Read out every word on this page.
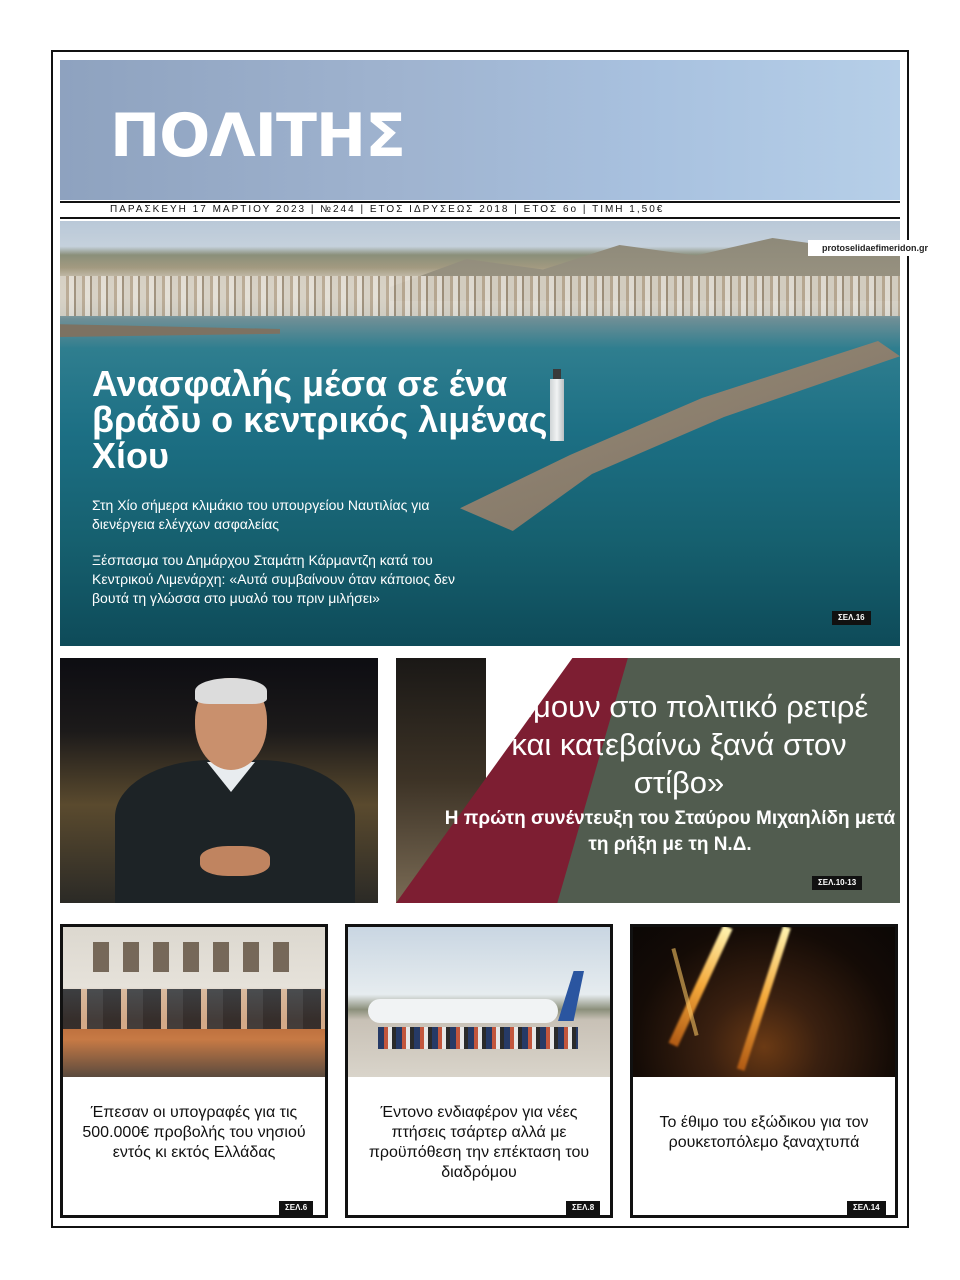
ΠΟΛΙΤΗΣ
ΠΑΡΑΣΚΕΥΗ 17 ΜΑΡΤΙΟΥ 2023 | №244 | ΕΤΟΣ ΙΔΡΥΣΕΩΣ 2018 | ΕΤΟΣ 6ο | ΤΙΜΗ 1,50€
protoselidaefimeridon.gr
Ανασφαλής μέσα σε ένα βράδυ ο κεντρικός λιμένας Χίου
Στη Χίο σήμερα κλιμάκιο του υπουργείου Ναυτιλίας για διενέργεια ελέγχων ασφαλείας
Ξέσπασμα του Δημάρχου Σταμάτη Κάρμαντζη κατά του Κεντρικού Λιμενάρχη: «Αυτά συμβαίνουν όταν κάποιος δεν βουτά τη γλώσσα στο μυαλό του πριν μιλήσει»
ΣΕΛ.16
«Ήμουν στο πολιτικό ρετιρέ και κατεβαίνω ξανά στον στίβο»
Η πρώτη συνέντευξη του Σταύρου Μιχαηλίδη μετά τη ρήξη με τη Ν.Δ.
ΣΕΛ.10-13
Έπεσαν οι υπογραφές για τις 500.000€ προβολής του νησιού εντός κι εκτός Ελλάδας
ΣΕΛ.6
Έντονο ενδιαφέρον για νέες πτήσεις τσάρτερ αλλά με προϋπόθεση την επέκταση του διαδρόμου
ΣΕΛ.8
Το έθιμο του εξώδικου για τον ρουκετοπόλεμο ξαναχτυπά
ΣΕΛ.14
